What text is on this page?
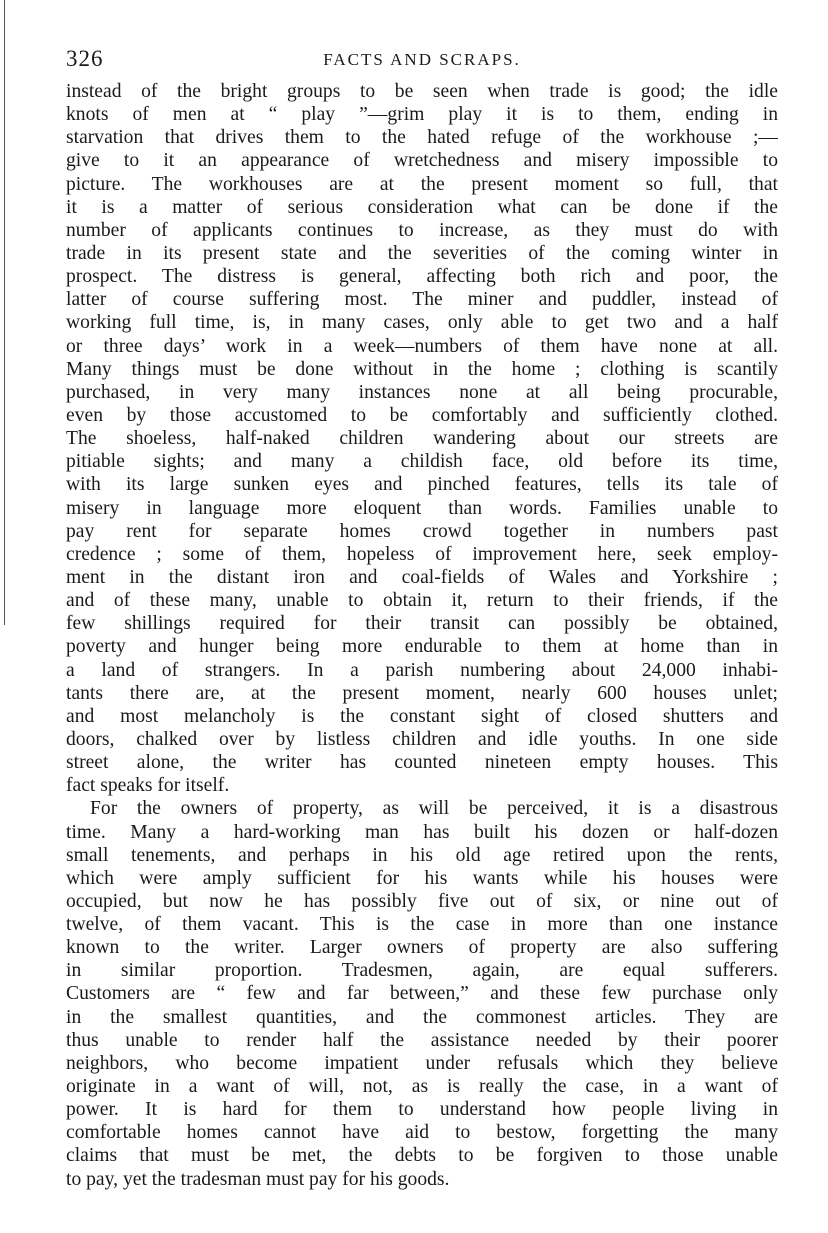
326	FACTS AND SCRAPS.
instead of the bright groups to be seen when trade is good; the idle
knots of men at “ play ”—grim play it is to them, ending in
starvation that drives them to the hated refuge of the workhouse ;—
give to it an appearance of wretchedness and misery impossible to
picture. The workhouses are at the present moment so full, that
it is a matter of serious consideration what can be done if the
number of applicants continues to increase, as they must do with
trade in its present state and the severities of the coming winter in
prospect. The distress is general, affecting both rich and poor, the
latter of course suffering most. The miner and puddler, instead of
working full time, is, in many cases, only able to get two and a half
or three days’ work in a week—numbers of them have none at all.
Many things must be done without in the home ; clothing is scantily
purchased, in very many instances none at all being procurable,
even by those accustomed to be comfortably and sufficiently clothed.
The shoeless, half-naked children wandering about our streets are
pitiable sights; and many a childish face, old before its time,
with its large sunken eyes and pinched features, tells its tale of
misery in language more eloquent than words. Families unable to
pay rent for separate homes crowd together in numbers past
credence ; some of them, hopeless of improvement here, seek employ-
ment in the distant iron and coal-fields of Wales and Yorkshire ;
and of these many, unable to obtain it, return to their friends, if the
few shillings required for their transit can possibly be obtained,
poverty and hunger being more endurable to them at home than in
a land of strangers. In a parish numbering about 24,000 inhabi-
tants there are, at the present moment, nearly 600 houses unlet;
and most melancholy is the constant sight of closed shutters and
doors, chalked over by listless children and idle youths. In one side
street alone, the writer has counted nineteen empty houses. This
fact speaks for itself.
For the owners of property, as will be perceived, it is a disastrous
time. Many a hard-working man has built his dozen or half-dozen
small tenements, and perhaps in his old age retired upon the rents,
which were amply sufficient for his wants while his houses were
occupied, but now he has possibly five out of six, or nine out of
twelve, of them vacant. This is the case in more than one instance
known to the writer. Larger owners of property are also suffering
in similar proportion. Tradesmen, again, are equal sufferers.
Customers are “ few and far between,” and these few purchase only
in the smallest quantities, and the commonest articles. They are
thus unable to render half the assistance needed by their poorer
neighbors, who become impatient under refusals which they believe
originate in a want of will, not, as is really the case, in a want of
power. It is hard for them to understand how people living in
comfortable homes cannot have aid to bestow, forgetting the many
claims that must be met, the debts to be forgiven to those unable
to pay, yet the tradesman must pay for his goods.
